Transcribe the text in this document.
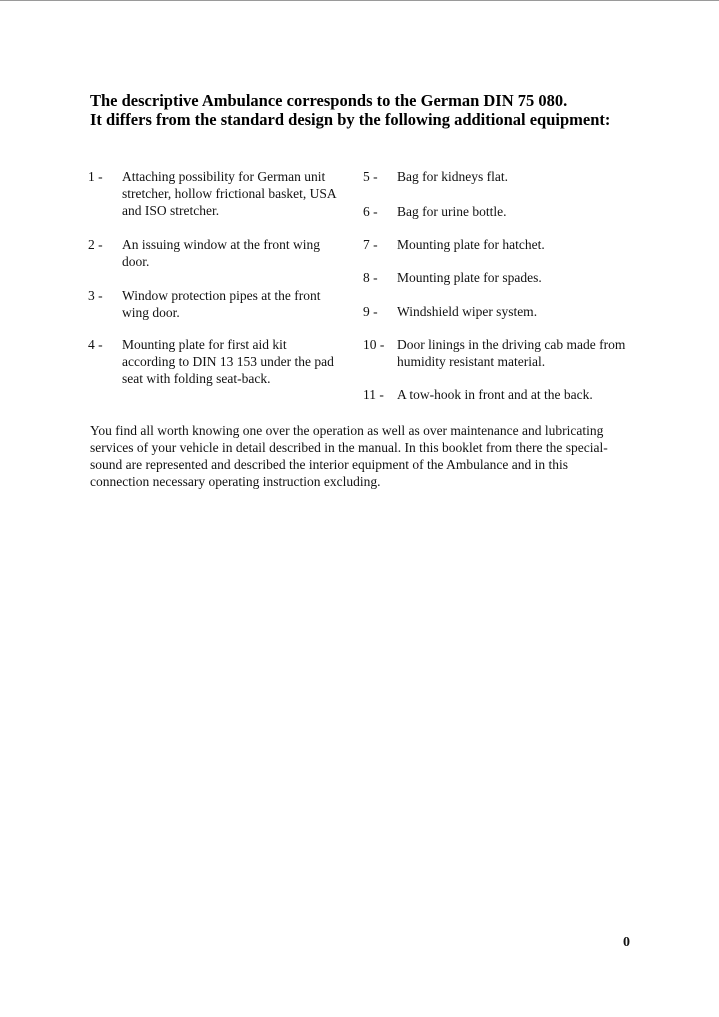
The descriptive Ambulance corresponds to the German DIN 75 080.
It differs from the standard design by the following additional equipment:
1 - Attaching possibility for German unit stretcher, hollow frictional basket, USA and ISO stretcher.
2 - An issuing window at the front wing door.
3 - Window protection pipes at the front wing door.
4 - Mounting plate for first aid kit according to DIN 13 153 under the pad seat with folding seat-back.
5 - Bag for kidneys flat.
6 - Bag for urine bottle.
7 - Mounting plate for hatchet.
8 - Mounting plate for spades.
9 - Windshield wiper system.
10 - Door linings in the driving cab made from humidity resistant material.
11 - A tow-hook in front and at the back.
You find all worth knowing one over the operation as well as over maintenance and lubricating services of your vehicle in detail described in the manual. In this booklet from there the special-sound are represented and described the interior equipment of the Ambulance and in this connection necessary operating instruction excluding.
0
